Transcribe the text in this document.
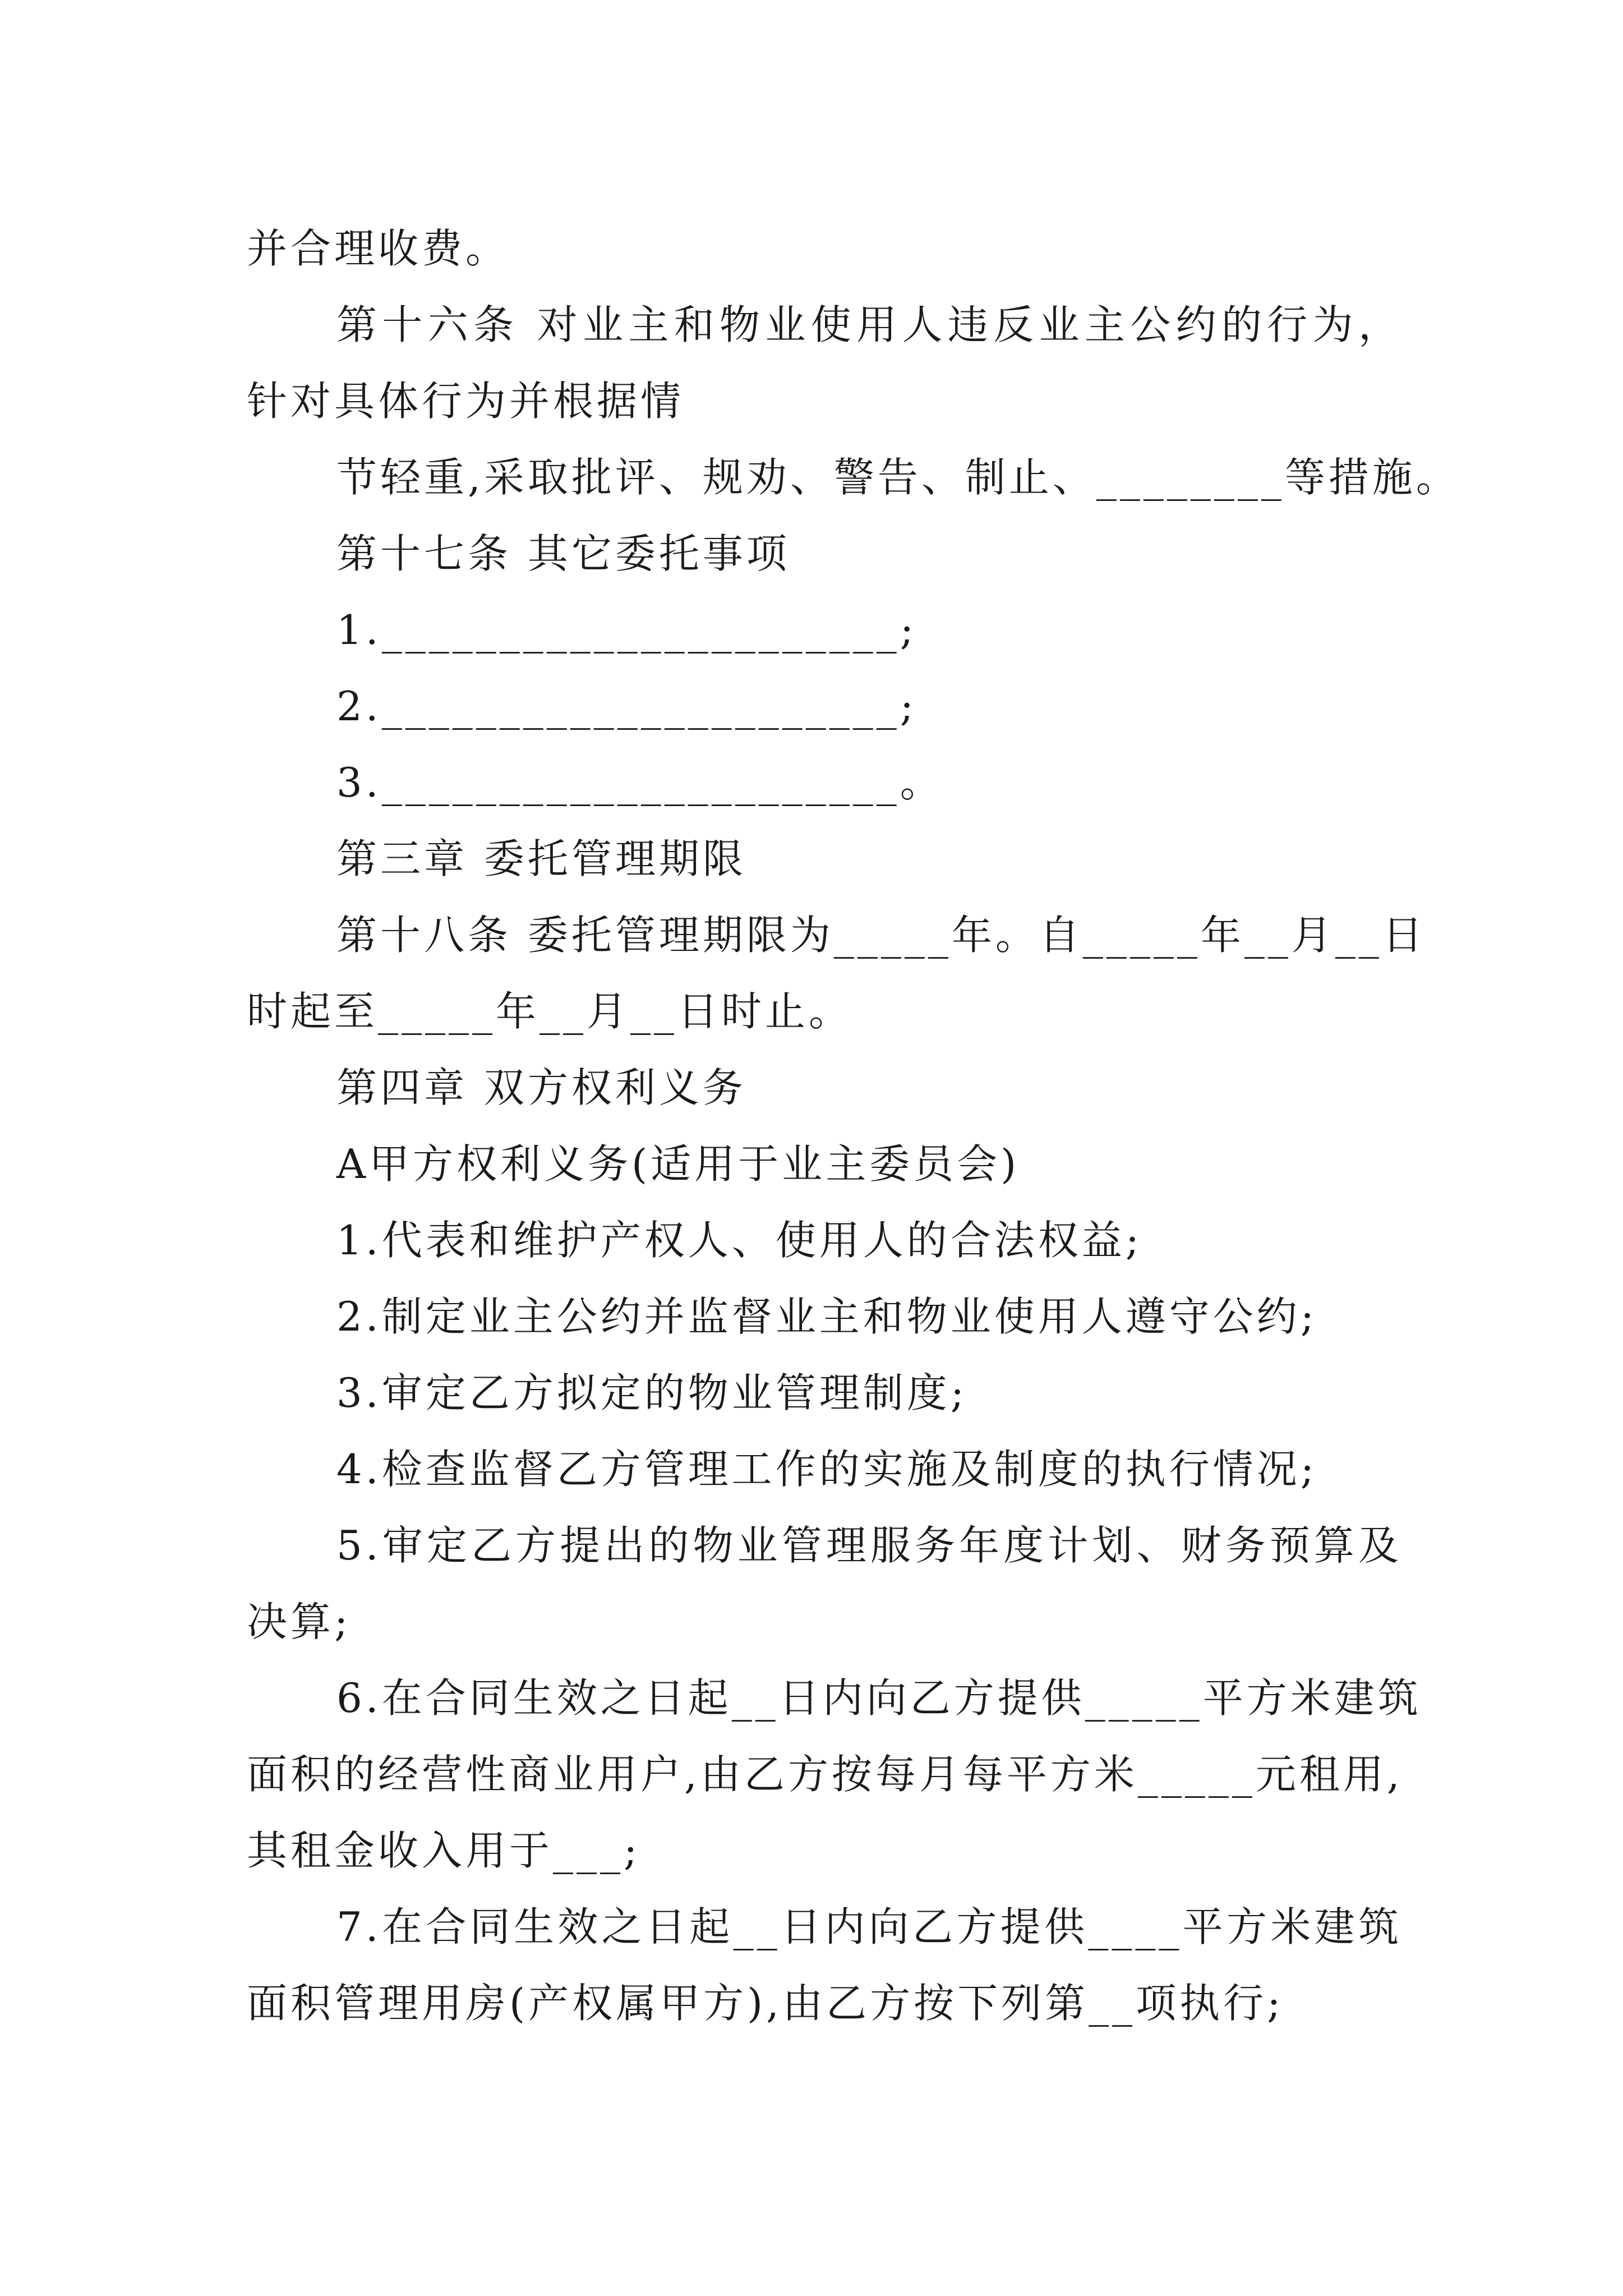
并合理收费。
第十六条 对业主和物业使用人违反业主公约的行为，
针对具体行为并根据情
节轻重,采取批评、规劝、警告、制止、________等措施。
第十七条 其它委托事项
1.______________________;
2.______________________;
3.______________________。
第三章 委托管理期限
第十八条 委托管理期限为_____年。自_____年__月__日
时起至_____年__月__日时止。
第四章 双方权利义务
A甲方权利义务(适用于业主委员会)
1.代表和维护产权人、使用人的合法权益;
2.制定业主公约并监督业主和物业使用人遵守公约;
3.审定乙方拟定的物业管理制度;
4.检查监督乙方管理工作的实施及制度的执行情况;
5.审定乙方提出的物业管理服务年度计划、财务预算及
决算;
6.在合同生效之日起__日内向乙方提供_____平方米建筑
面积的经营性商业用户,由乙方按每月每平方米_____元租用,
其租金收入用于___;
7.在合同生效之日起__日内向乙方提供____平方米建筑
面积管理用房(产权属甲方),由乙方按下列第__项执行;
